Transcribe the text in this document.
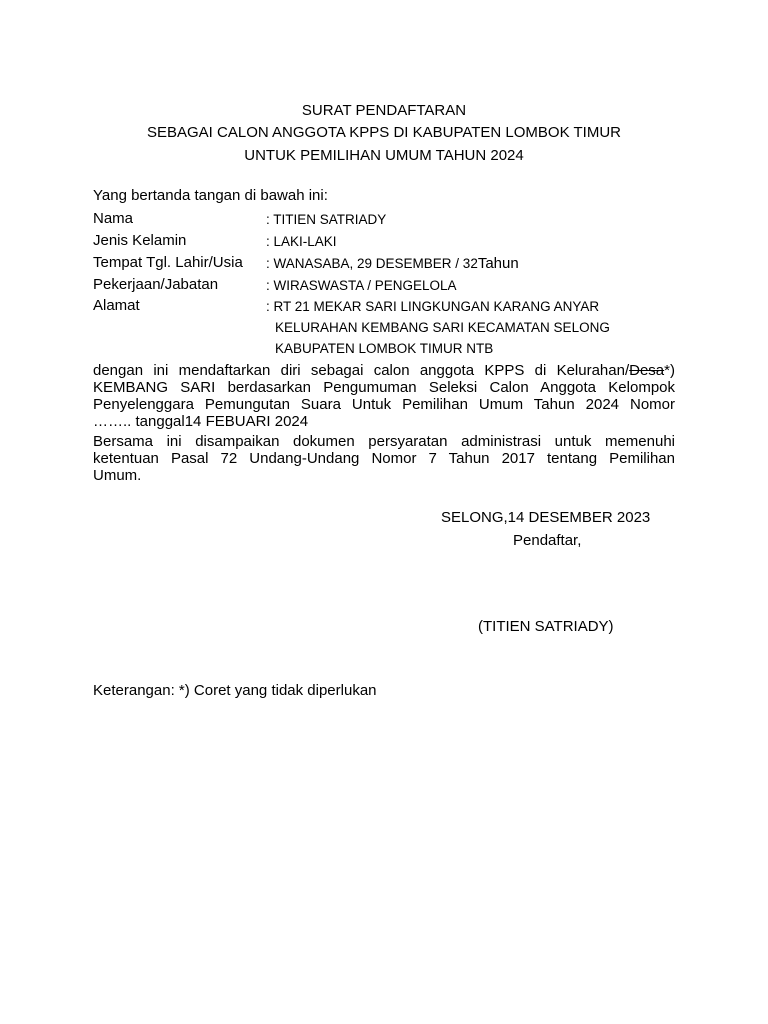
SURAT PENDAFTARAN
SEBAGAI CALON ANGGOTA KPPS DI KABUPATEN LOMBOK TIMUR
UNTUK PEMILIHAN UMUM TAHUN 2024
Yang bertanda tangan di bawah ini:
Nama	: TITIEN SATRIADY
Jenis Kelamin	: LAKI-LAKI
Tempat Tgl. Lahir/Usia : WANASABA, 29 DESEMBER / 32Tahun
Pekerjaan/Jabatan	: WIRASWASTA / PENGELOLA
Alamat	: RT 21 MEKAR SARI LINGKUNGAN KARANG ANYAR
KELURAHAN KEMBANG SARI KECAMATAN SELONG
KABUPATEN LOMBOK TIMUR NTB
dengan ini mendaftarkan diri sebagai calon anggota KPPS di Kelurahan/Desa*)
KEMBANG SARI berdasarkan Pengumuman Seleksi Calon Anggota Kelompok
Penyelenggara Pemungutan Suara Untuk Pemilihan Umum Tahun 2024 Nomor
…….. tanggal14 FEBUARI 2024
Bersama ini disampaikan dokumen persyaratan administrasi untuk memenuhi
ketentuan Pasal 72 Undang-Undang Nomor 7 Tahun 2017 tentang Pemilihan
Umum.
SELONG,14 DESEMBER 2023
Pendaftar,
(TITIEN SATRIADY)
Keterangan: *) Coret yang tidak diperlukan
